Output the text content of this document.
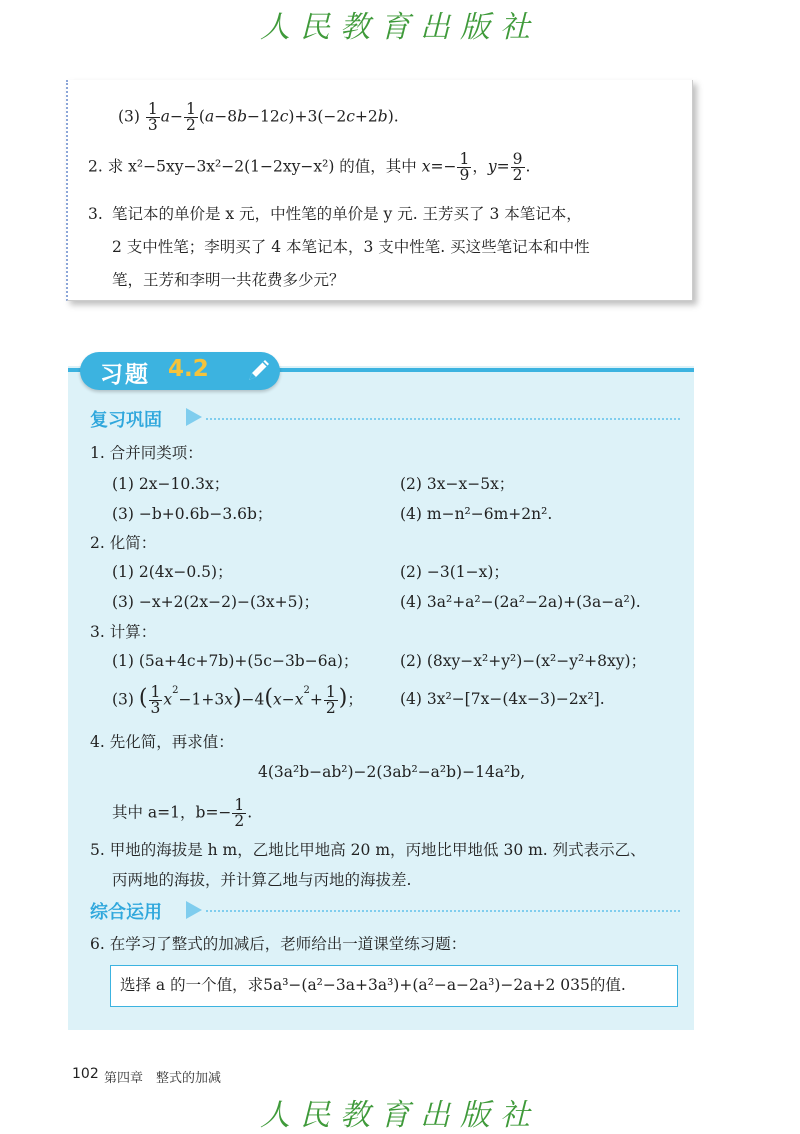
人民教育出版社
$(3) \frac{1}{3} a- \frac{1}{2} (a-8b-12c)+3(-2c+2b)$.
2. 求 x²−5xy−3x²−2(1−2xy−x²) 的值，其中 $x=- \frac{1}{9}$ ，$y= \frac{9}{2}$ .
3. 笔记本的单价是 x 元，中性笔的单价是 y 元. 王芳买了 3 本笔记本，
2 支中性笔；李明买了 4 本笔记本，3 支中性笔. 买这些笔记本和中性
笔，王芳和李明一共花费多少元？
习题 4.2
复习巩固
1. 合并同类项：
(1) 2x−10.3x；	(2) 3x−x−5x；
(3) −b+0.6b−3.6b；	(4) m−n²−6m+2n².
2. 化简：
(1) 2(4x−0.5)；	(2) −3(1−x)；
(3) −x+2(2x−2)−(3x+5)；	(4) 3a²+a²−(2a²−2a)+(3a−a²).
3. 计算：
(1) (5a+4c+7b)+(5c−3b−6a)；	(2) (8xy−x²+y²)−(x²−y²+8xy)；
(3) ( $\frac{1}{3} x^2-1+3x)-4(x-x^2+ \frac{1}{2}$ )； (4) 3x²−[7x−(4x−3)−2x²].
4. 先化简，再求值：
4(3a²b−ab²)−2(3ab²−a²b)−14a²b,
其中 a=1，$b=- \frac{1}{2}$ .
5. 甲地的海拔是 h m，乙地比甲地高 20 m，丙地比甲地低 30 m. 列式表示乙、
丙两地的海拔，并计算乙地与丙地的海拔差.
综合运用
6. 在学习了整式的加减后，老师给出一道课堂练习题：
选择 a 的一个值，求5a³−(a²−3a+3a³)+(a²−a−2a³)−2a+2 035的值.
102 第四章　整式的加减
人民教育出版社
